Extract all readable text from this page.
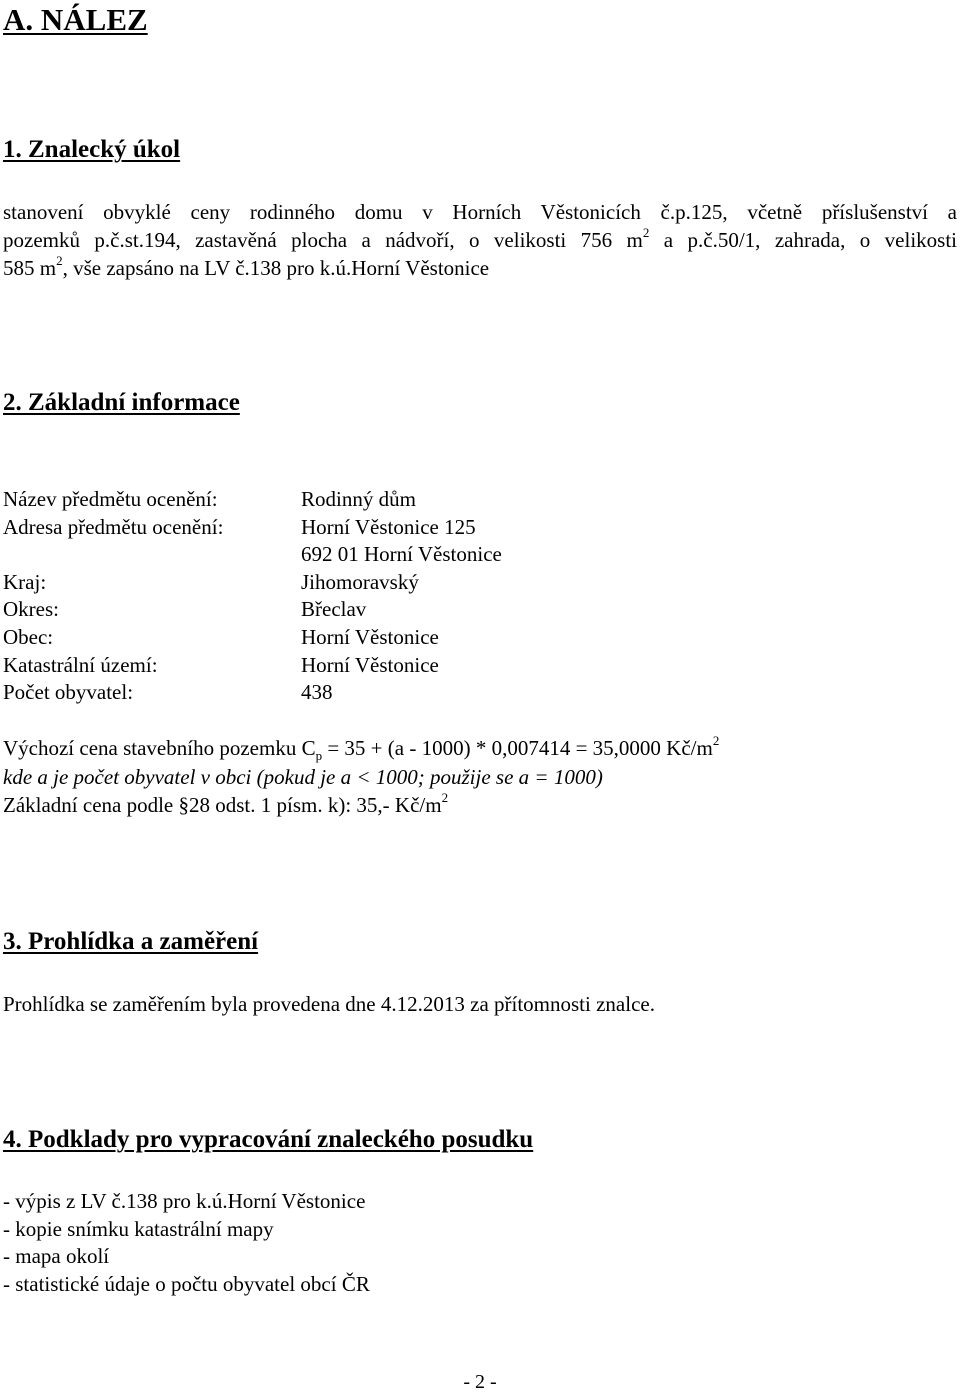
A. NÁLEZ
1. Znalecký úkol
stanovení obvyklé ceny rodinného domu v Horních Věstonicích č.p.125, včetně příslušenství a
pozemků p.č.st.194, zastavěná plocha a nádvoří, o velikosti 756 $m^2$ a p.č.50/1, zahrada, o velikosti
585 $m^2$, vše zapsáno na LV č.138 pro k.ú.Horní Věstonice
2. Základní informace
Název předmětu ocenění:	Rodinný dům
Adresa předmětu ocenění:	Horní Věstonice 125
692 01 Horní Věstonice
Kraj:	Jihomoravský
Okres:	Břeclav
Obec:	Horní Věstonice
Katastrální území:	Horní Věstonice
Počet obyvatel:	438
Výchozí cena stavebního pozemku $C_p = 35 + (a - 1000) * 0,007414 = 35,0000$ $Kč/m^2$
kde a je počet obyvatel v obci (pokud je a < 1000; použije se a = 1000)
Základní cena podle §28 odst. 1 písm. k): 35,- $Kč/m^2$
3. Prohlídka a zaměření
Prohlídka se zaměřením byla provedena dne 4.12.2013 za přítomnosti znalce.
4. Podklady pro vypracování znaleckého posudku
- výpis z LV č.138 pro k.ú.Horní Věstonice
- kopie snímku katastrální mapy
- mapa okolí
- statistické údaje o počtu obyvatel obcí ČR
- 2 -
